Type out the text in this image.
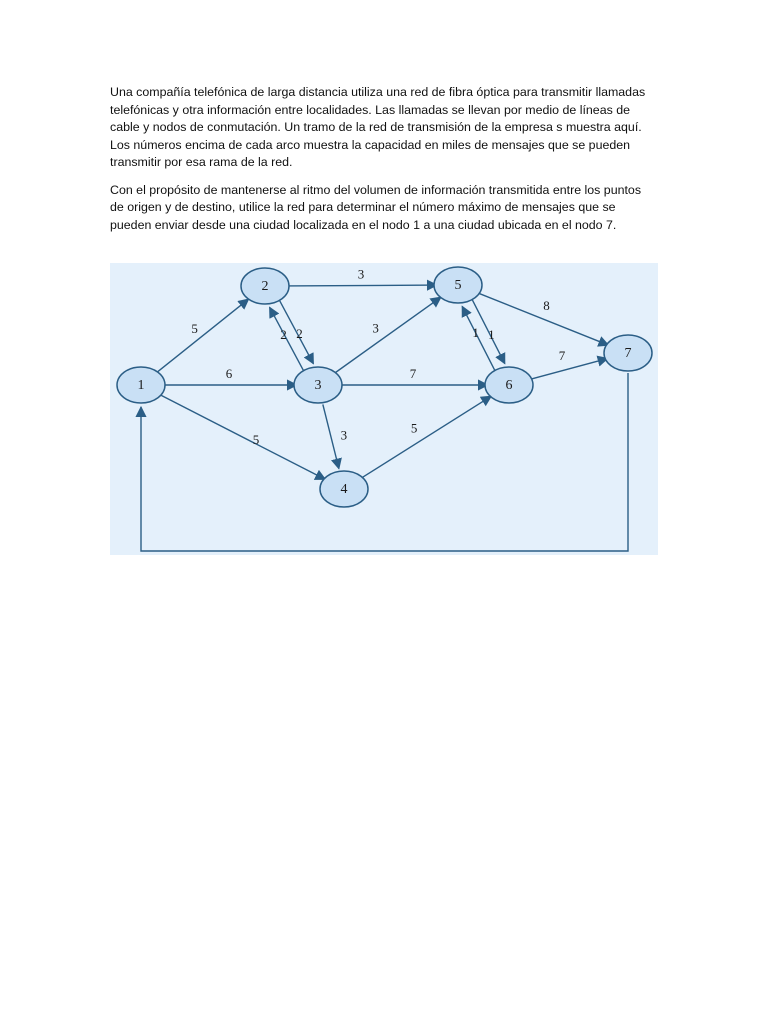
Una compañía telefónica de larga distancia utiliza una red de fibra óptica para transmitir llamadas telefónicas y otra información entre localidades. Las llamadas se llevan por medio de líneas de cable y nodos de conmutación. Un tramo de la red de transmisión de la empresa s muestra aquí. Los números encima de cada arco muestra la capacidad en miles de mensajes que se pueden transmitir por esa rama de la red.

Con el propósito de mantenerse al ritmo del volumen de información transmitida entre los puntos de origen y de destino, utilice la red para determinar el número máximo de mensajes que se pueden enviar desde una ciudad localizada en el nodo 1 a una ciudad ubicada en el nodo 7.

5
6
5
3
2 2	3
7
3	5
1 1
8
7
1
2
3
4
5
6
7
